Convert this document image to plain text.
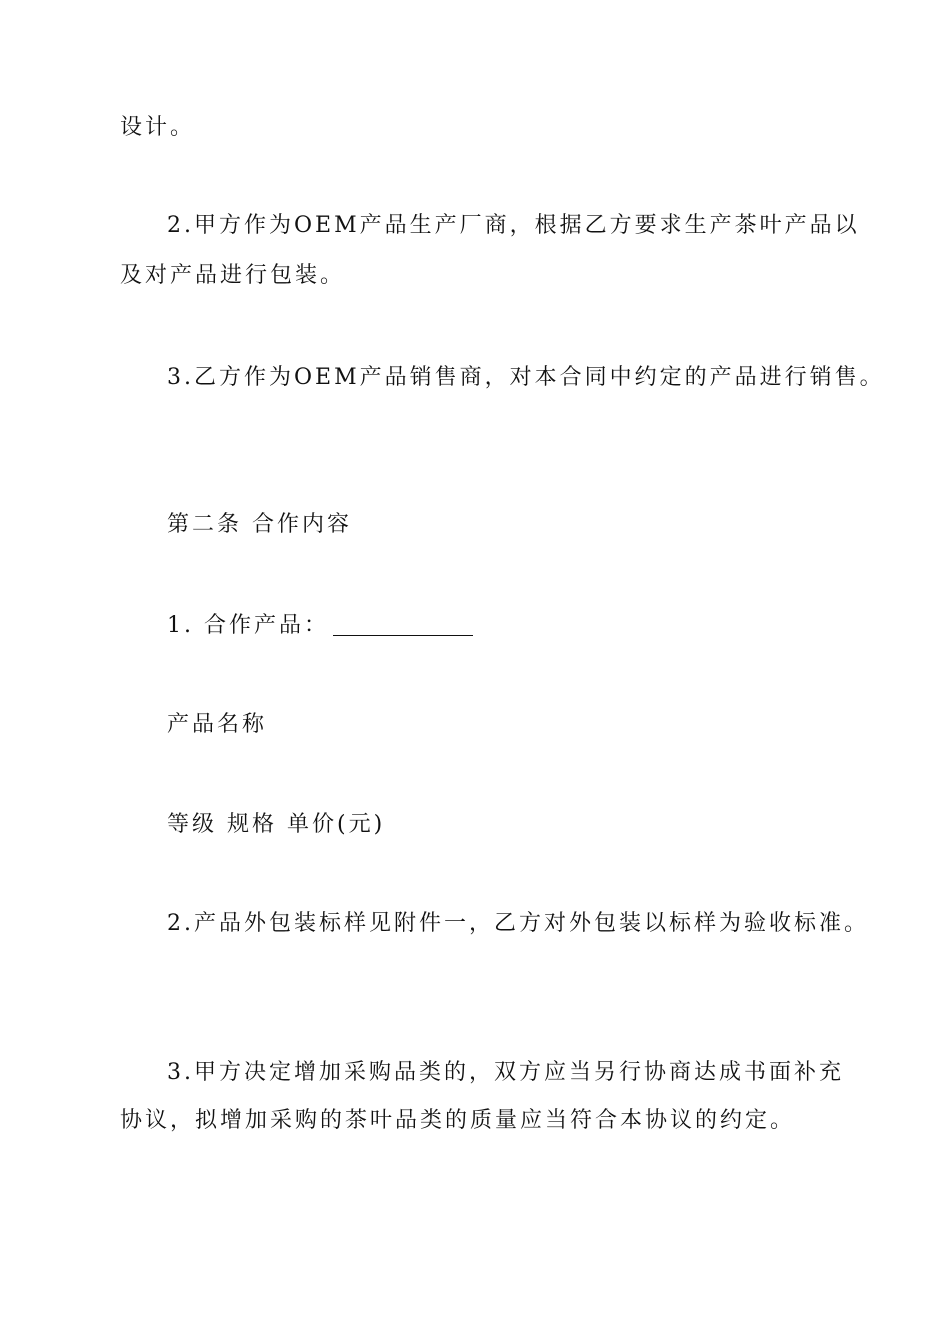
设计。
2.甲方作为OEM产品生产厂商，根据乙方要求生产茶叶产品以
及对产品进行包装。
3.乙方作为OEM产品销售商，对本合同中约定的产品进行销售。
第二条 合作内容
1. 合作产品：
产品名称
等级 规格 单价(元)
2.产品外包装标样见附件一，乙方对外包装以标样为验收标准。
3.甲方决定增加采购品类的，双方应当另行协商达成书面补充
协议，拟增加采购的茶叶品类的质量应当符合本协议的约定。
